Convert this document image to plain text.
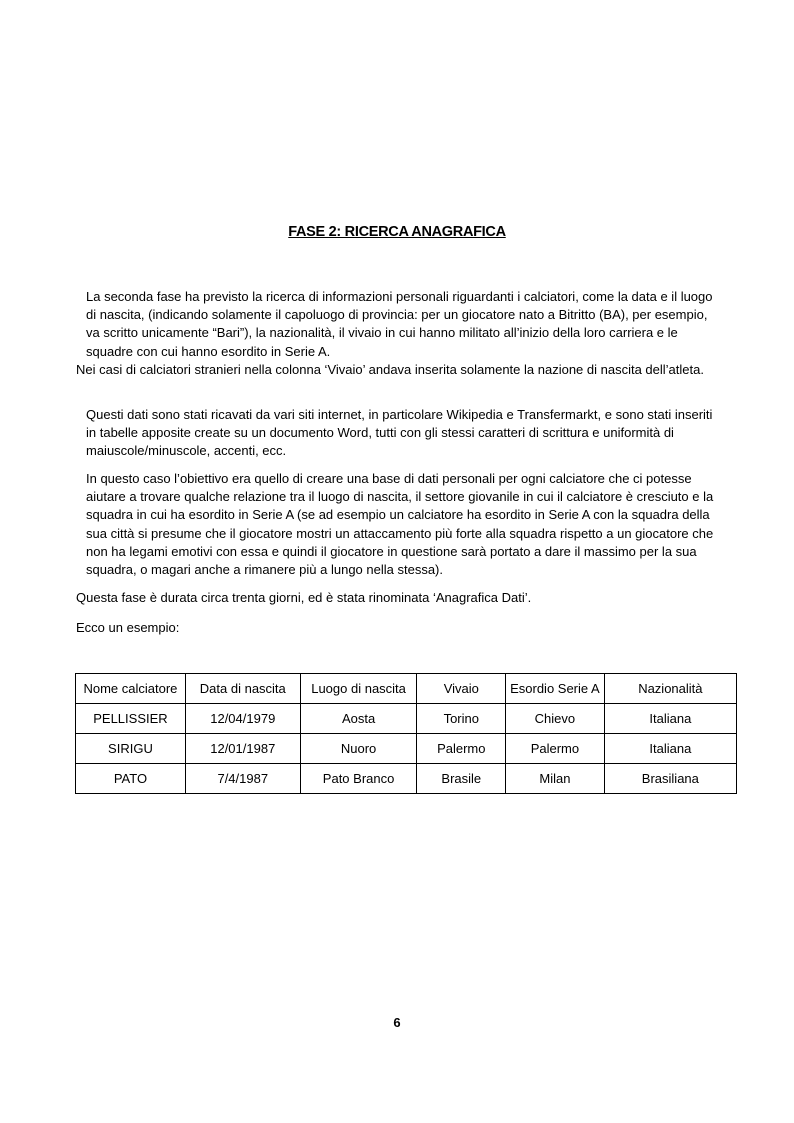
FASE 2: RICERCA ANAGRAFICA

La seconda fase ha previsto la ricerca di informazioni personali riguardanti i calciatori, come la data e il luogo di nascita, (indicando solamente il capoluogo di provincia: per un giocatore nato a Bitritto (BA), per esempio, va scritto unicamente “Bari”), la nazionalità, il vivaio in cui hanno militato all’inizio della loro carriera e le squadre con cui hanno esordito in Serie A.

Nei casi di calciatori stranieri nella colonna ‘Vivaio’ andava inserita solamente la nazione di nascita dell’atleta.

Questi dati sono stati ricavati da vari siti internet, in particolare Wikipedia e Transfermarkt, e sono stati inseriti in tabelle apposite create su un documento Word, tutti con gli stessi caratteri di scrittura e uniformità di maiuscole/minuscole, accenti, ecc.

In questo caso l’obiettivo era quello di creare una base di dati personali per ogni calciatore che ci potesse aiutare a trovare qualche relazione tra il luogo di nascita, il settore giovanile in cui il calciatore è cresciuto e la squadra in cui ha esordito in Serie A (se ad esempio un calciatore ha esordito in Serie A con la squadra della sua città si presume che il giocatore mostri un attaccamento più forte alla squadra rispetto a un giocatore che non ha legami emotivi con essa e quindi il giocatore in questione sarà portato a dare il massimo per la sua squadra, o magari anche a rimanere più a lungo nella stessa).

Questa fase è durata circa trenta giorni, ed è stata rinominata ‘Anagrafica Dati’.

Ecco un esempio:

Nome calciatore	Data di nascita	Luogo di nascita	Vivaio	Esordio Serie A	Nazionalità
PELLISSIER	12/04/1979	Aosta	Torino	Chievo	Italiana
SIRIGU	12/01/1987	Nuoro	Palermo	Palermo	Italiana
PATO	7/4/1987	Pato Branco	Brasile	Milan	Brasiliana
6
